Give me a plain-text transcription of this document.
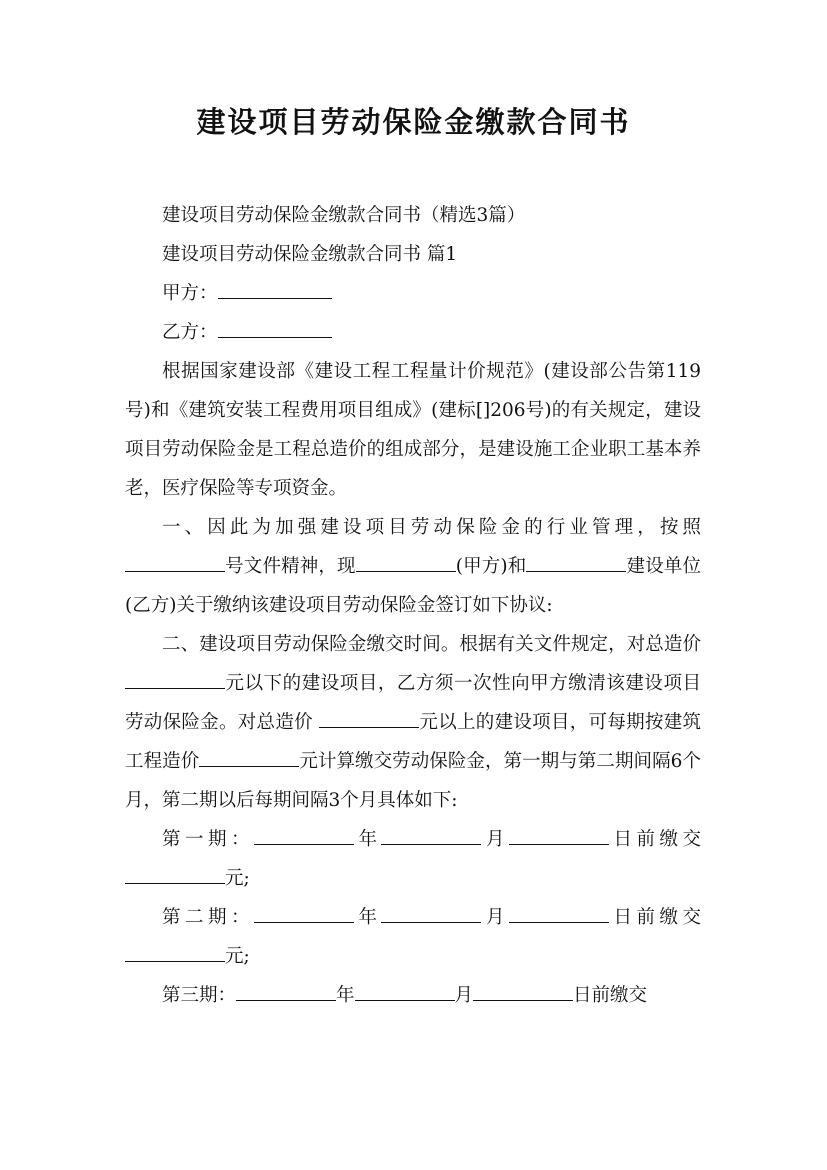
建设项目劳动保险金缴款合同书

建设项目劳动保险金缴款合同书（精选3篇）

建设项目劳动保险金缴款合同书 篇1

甲方：

乙方：

根据国家建设部《建设工程工程量计价规范》(建设部公告第119号)和《建筑安装工程费用项目组成》(建标[]206号)的有关规定，建设项目劳动保险金是工程总造价的组成部分，是建设施工企业职工基本养老，医疗保险等专项资金。

一、因此为加强建设项目劳动保险金的行业管理，按照号文件精神，现	(甲方)和	建设单位(乙方)关于缴纳该建设项目劳动保险金签订如下协议:

二、建设项目劳动保险金缴交时间。根据有关文件规定，对总造价元以下的建设项目，乙方须一次性向甲方缴清该建设项目劳动保险金。对总造价	元以上的建设项目，可每期按建筑工程造价	元计算缴交劳动保险金，第一期与第二期间隔6个月，第二期以后每期间隔3个月具体如下:

第一期：	年	月	日前缴交元;

第二期：	年	月	日前缴交元;

第三期：	年	月	日前缴交
